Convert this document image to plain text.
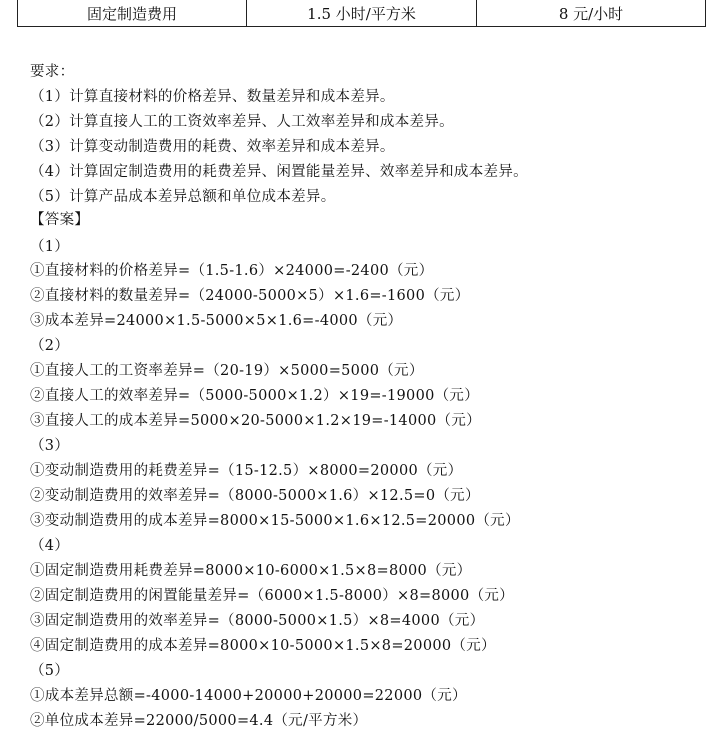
固定制造费用	1.5 小时/平方米	8 元/小时
要求：
（1）计算直接材料的价格差异、数量差异和成本差异。
（2）计算直接人工的工资效率差异、人工效率差异和成本差异。
（3）计算变动制造费用的耗费、效率差异和成本差异。
（4）计算固定制造费用的耗费差异、闲置能量差异、效率差异和成本差异。
（5）计算产品成本差异总额和单位成本差异。
【答案】
（1）
①直接材料的价格差异=（1.5-1.6）×24000=-2400（元）
②直接材料的数量差异=（24000-5000×5）×1.6=-1600（元）
③成本差异=24000×1.5-5000×5×1.6=-4000（元）
（2）
①直接人工的工资率差异=（20-19）×5000=5000（元）
②直接人工的效率差异=（5000-5000×1.2）×19=-19000（元）
③直接人工的成本差异=5000×20-5000×1.2×19=-14000（元）
（3）
①变动制造费用的耗费差异=（15-12.5）×8000=20000（元）
②变动制造费用的效率差异=（8000-5000×1.6）×12.5=0（元）
③变动制造费用的成本差异=8000×15-5000×1.6×12.5=20000（元）
（4）
①固定制造费用耗费差异=8000×10-6000×1.5×8=8000（元）
②固定制造费用的闲置能量差异=（6000×1.5-8000）×8=8000（元）
③固定制造费用的效率差异=（8000-5000×1.5）×8=4000（元）
④固定制造费用的成本差异=8000×10-5000×1.5×8=20000（元）
（5）
①成本差异总额=-4000-14000+20000+20000=22000（元）
②单位成本差异=22000/5000=4.4（元/平方米）
